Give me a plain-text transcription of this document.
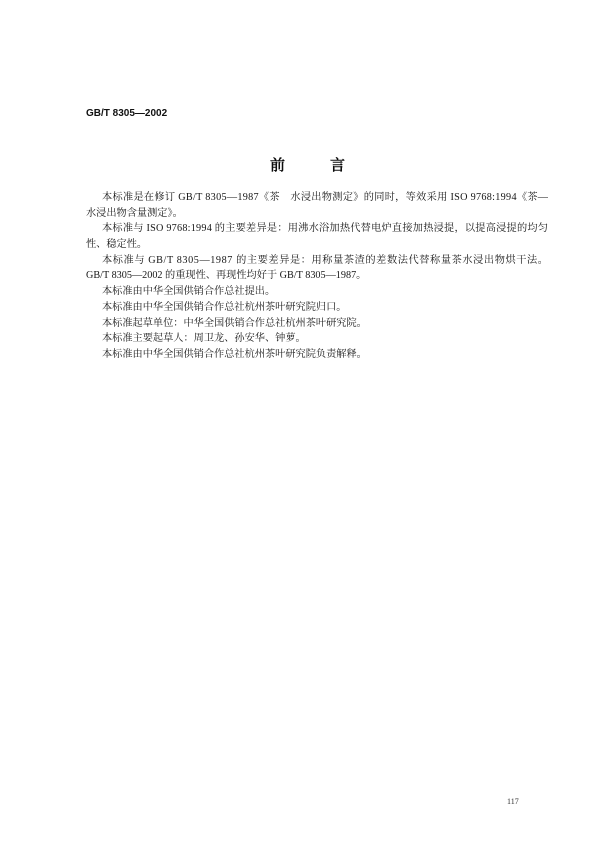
GB/T 8305—2002
前　言
本标准是在修订 GB/T 8305—1987《茶　水浸出物测定》的同时，等效采用 ISO 9768:1994《茶—
水浸出物含量测定》。
本标准与 ISO 9768:1994 的主要差异是：用沸水浴加热代替电炉直接加热浸提，以提高浸提的均匀
性、稳定性。
本标准与 GB/T 8305—1987 的主要差异是：用称量茶渣的差数法代替称量茶水浸出物烘干法。
GB/T 8305—2002 的重现性、再现性均好于 GB/T 8305—1987。
本标准由中华全国供销合作总社提出。
本标准由中华全国供销合作总社杭州茶叶研究院归口。
本标准起草单位：中华全国供销合作总社杭州茶叶研究院。
本标准主要起草人：周卫龙、孙安华、钟萝。
本标准由中华全国供销合作总社杭州茶叶研究院负责解释。
117
